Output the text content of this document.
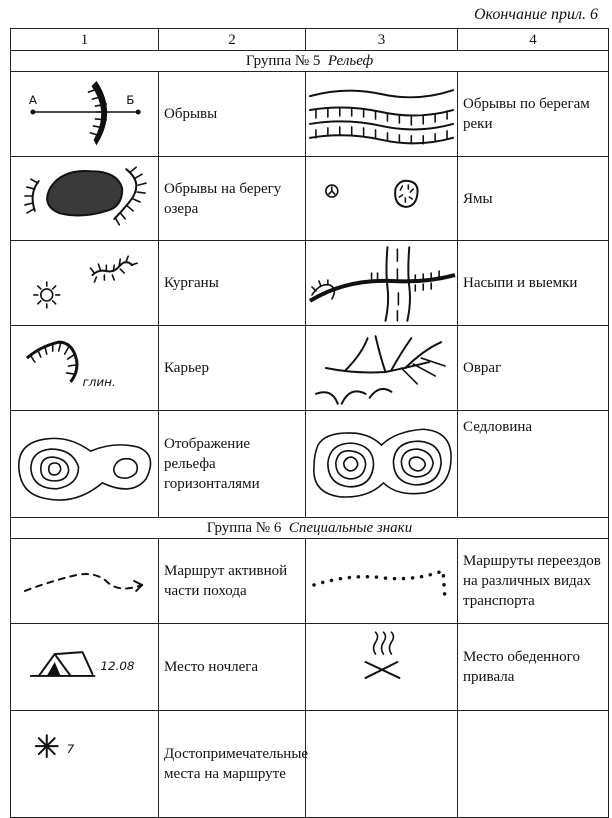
Окончание прил. 6
1	2	3	4
Группа № 5 Рельеф			

А Б	Обрывы		Обрывы по берегам реки

	Обрывы на берегу озера		Ямы

	Курганы		Насыпи и выемки

глин.	Карьер		Овраг

	Отображение рельефа горизонталями		Седловина
Группа № 6 Специальные знаки			

	Маршрут активной части похода		Маршруты переездов на различных видах транспорта

12.08	Место ночлега		Место обеденного привала

7	Достопримечательные места на маршруте		
